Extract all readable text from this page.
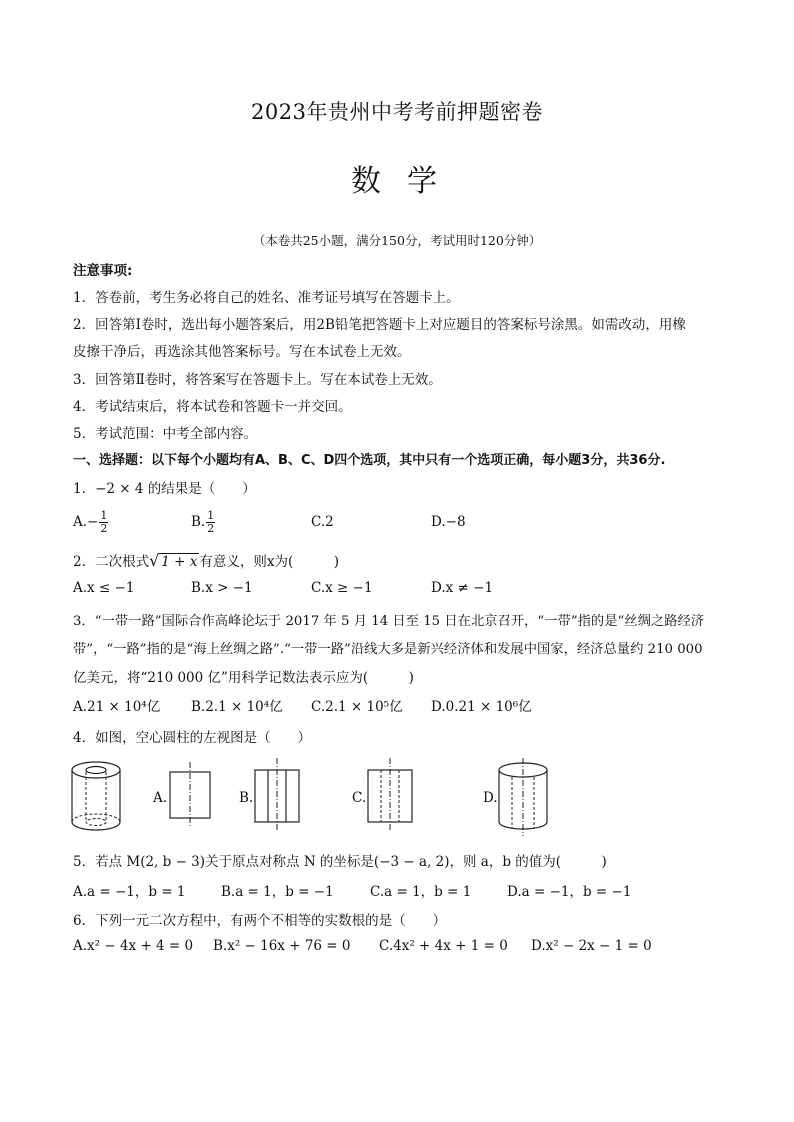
2023年贵州中考考前押题密卷
数学
（本卷共25小题，满分150分，考试用时120分钟）
注意事项:
1．答卷前，考生务必将自己的姓名、准考证号填写在答题卡上。
2．回答第Ⅰ卷时，选出每小题答案后，用2B铅笔把答题卡上对应题目的答案标号涂黑。如需改动，用橡
皮擦干净后，再选涂其他答案标号。写在本试卷上无效。
3．回答第Ⅱ卷时，将答案写在答题卡上。写在本试卷上无效。
4．考试结束后，将本试卷和答题卡一并交回。
5．考试范围：中考全部内容。
一、选择题：以下每个小题均有A、B、C、D四个选项，其中只有一个选项正确，每小题3分，共36分.
1．−2 × 4 的结果是（　　）
$A.- \frac{1}{2}$	B. $\frac{1}{2}$	C.2	D.−8
2．二次根式√ 1 + x 有意义，则x为(　　　)
A.x ≤ −1	B.x > −1	C.x ≥ −1	D.x ≠ −1
3．“一带一路”国际合作高峰论坛于 2017 年 5 月 14 日至 15 日在北京召开，“一带”指的是“丝绸之路经济
带”，“一路”指的是“海上丝绸之路”.“一带一路”沿线大多是新兴经济体和发展中国家，经济总量约 210 000
亿美元，将“210 000 亿”用科学记数法表示应为(　　　)
A.21 × 10⁴亿 B.2.1 × 10⁴亿 C.2.1 × 10⁵亿 D.0.21 × 10⁶亿
4．如图，空心圆柱的左视图是（　　）
A.	B.	C.	D.
5．若点 M(2, b − 3)关于原点对称点 N 的坐标是(−3 − a, 2)，则 a，b 的值为(　　　)
A.a = −1，b = 1	B.a = 1，b = −1	C.a = 1，b = 1	D.a = −1，b = −1
6．下列一元二次方程中，有两个不相等的实数根的是（　　）
A.x² − 4x + 4 = 0 B.x² − 16x + 76 = 0 C.4x² + 4x + 1 = 0 D.x² − 2x − 1 = 0
